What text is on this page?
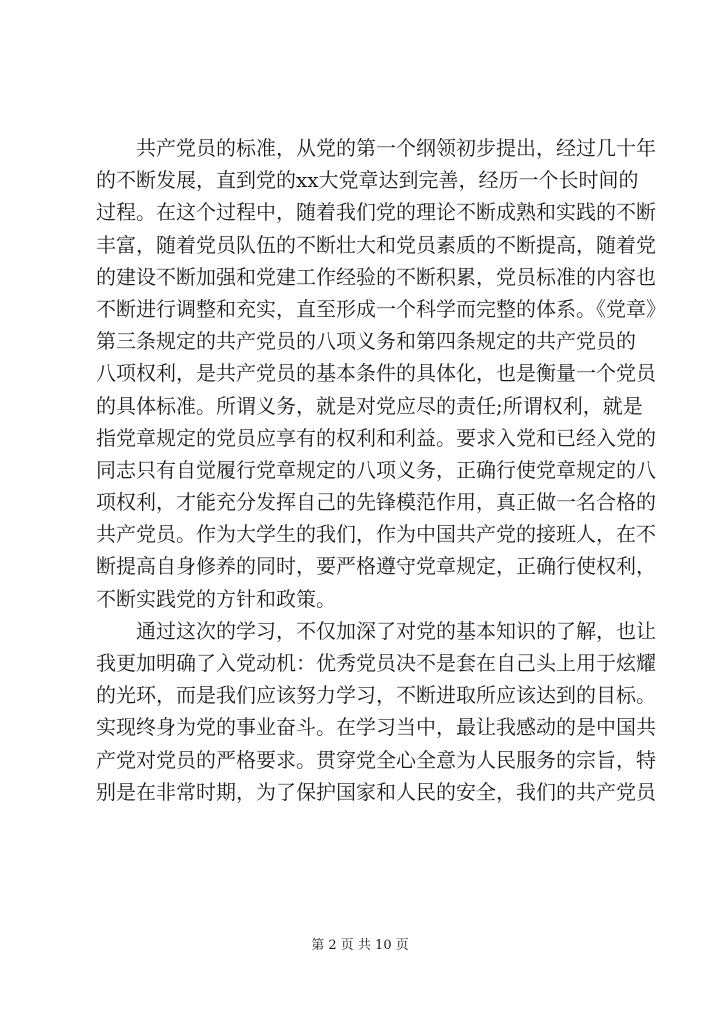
共产党员的标准，从党的第一个纲领初步提出，经过几十年
的不断发展，直到党的xx大党章达到完善，经历一个长时间的
过程。在这个过程中，随着我们党的理论不断成熟和实践的不断
丰富，随着党员队伍的不断壮大和党员素质的不断提高，随着党
的建设不断加强和党建工作经验的不断积累，党员标准的内容也
不断进行调整和充实，直至形成一个科学而完整的体系。《党章》
第三条规定的共产党员的八项义务和第四条规定的共产党员的
八项权利，是共产党员的基本条件的具体化，也是衡量一个党员
的具体标准。所谓义务，就是对党应尽的责任;所谓权利，就是
指党章规定的党员应享有的权利和利益。要求入党和已经入党的
同志只有自觉履行党章规定的八项义务，正确行使党章规定的八
项权利，才能充分发挥自己的先锋模范作用，真正做一名合格的
共产党员。作为大学生的我们，作为中国共产党的接班人，在不
断提高自身修养的同时，要严格遵守党章规定，正确行使权利，
不断实践党的方针和政策。
通过这次的学习，不仅加深了对党的基本知识的了解，也让
我更加明确了入党动机：优秀党员决不是套在自己头上用于炫耀
的光环，而是我们应该努力学习，不断进取所应该达到的目标。
实现终身为党的事业奋斗。在学习当中，最让我感动的是中国共
产党对党员的严格要求。贯穿党全心全意为人民服务的宗旨，特
别是在非常时期，为了保护国家和人民的安全，我们的共产党员
第 2 页 共 10 页
